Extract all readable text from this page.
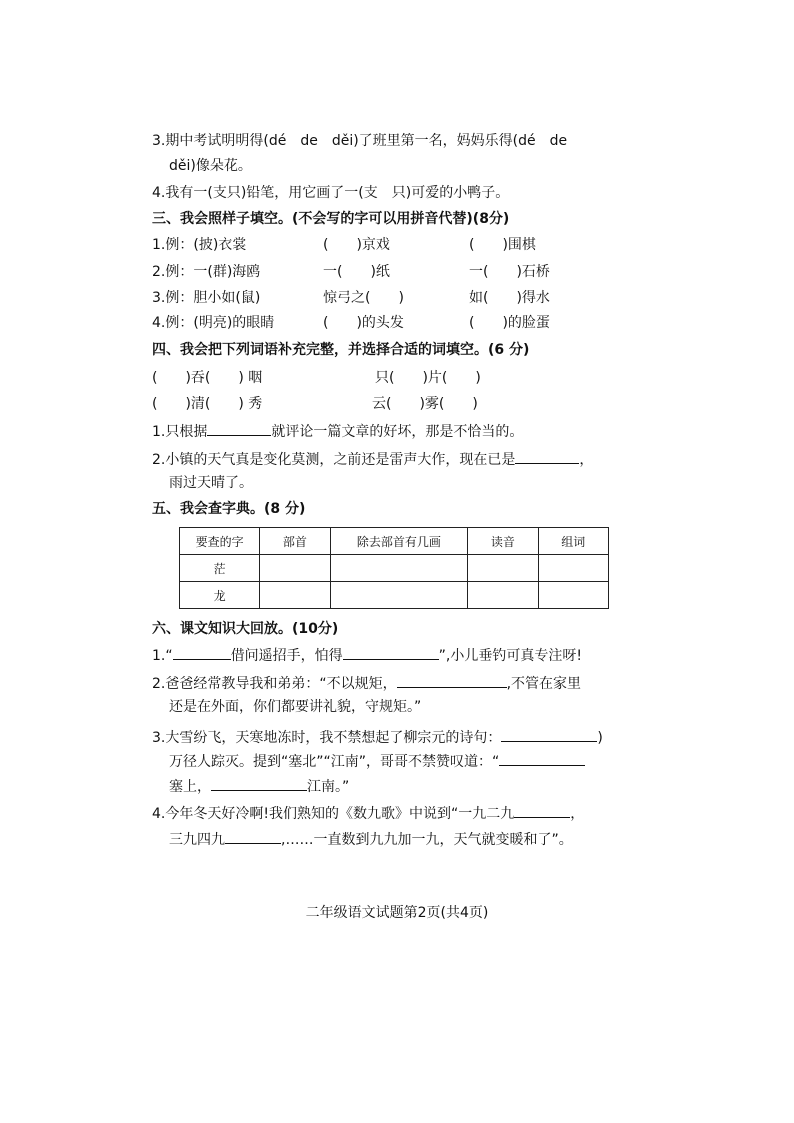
3.期中考试明明得(dé　de　děi)了班里第一名，妈妈乐得(dé　de
děi)像朵花。
4.我有一(支只)铅笔，用它画了一(支　只)可爱的小鸭子。
三、我会照样子填空。(不会写的字可以用拼音代替)(8分)
1.例：(披)衣裳	(　　)京戏	(　　)围棋
2.例：一(群)海鸥	一(　　)纸	一(　　)石桥
3.例：胆小如(鼠)	惊弓之(　　)	如(　　)得水
4.例：(明亮)的眼睛	(　　)的头发	(　　)的脸蛋
四、我会把下列词语补充完整，并选择合适的词填空。(6 分)
(　　)吞(　　) 咽	只(　　)片(　　)
(　　)清(　　) 秀	云(　　)雾(　　)
1.只根据	就评论一篇文章的好坏，那是不恰当的。
2.小镇的天气真是变化莫测，之前还是雷声大作，现在已是	，
雨过天晴了。
五、我会查字典。(8 分)
要查的字	部首	除去部首有几画	读音	组词
茫				
龙				
六、课文知识大回放。(10分)
1.“	借问遥招手，怕得	”,小儿垂钓可真专注呀!
2.爸爸经常教导我和弟弟：“不以规矩，	,不管在家里
还是在外面，你们都要讲礼貌，守规矩。”
3.大雪纷飞，天寒地冻时，我不禁想起了柳宗元的诗句：	)
万径人踪灭。提到“塞北”“江南”，哥哥不禁赞叹道：“
塞上，	江南。”
4.今年冬天好冷啊!我们熟知的《数九歌》中说到“一九二九	，
三九四九	,……一直数到九九加一九，天气就变暖和了”。
二年级语文试题第2页(共4页)
